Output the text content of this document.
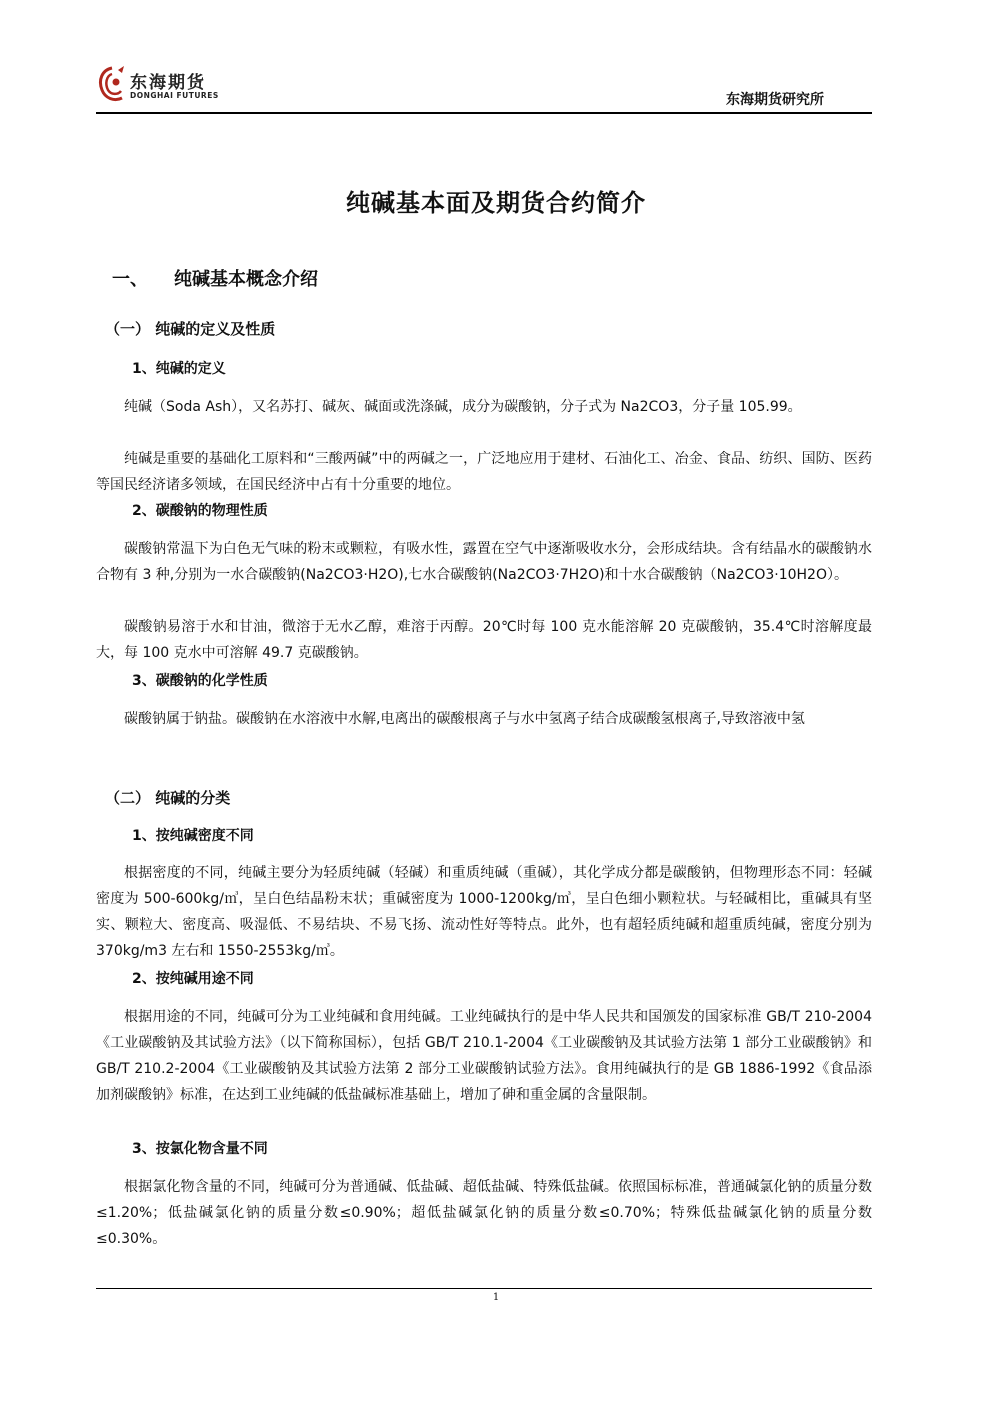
东海期货
DONGHAI FUTURES	东海期货研究所
纯碱基本面及期货合约简介
一、 纯碱基本概念介绍
（一） 纯碱的定义及性质
1、纯碱的定义
纯碱（Soda Ash），又名苏打、碱灰、碱面或洗涤碱，成分为碳酸钠，分子式为 Na2CO3，分子量 105.99。
纯碱是重要的基础化工原料和“三酸两碱”中的两碱之一，广泛地应用于建材、石油化工、冶金、食品、纺织、国防、医药等国民经济诸多领域，在国民经济中占有十分重要的地位。
2、碳酸钠的物理性质
碳酸钠常温下为白色无气味的粉末或颗粒，有吸水性，露置在空气中逐渐吸收水分，会形成结块。含有结晶水的碳酸钠水合物有 3 种,分别为一水合碳酸钠(Na2CO3·H2O),七水合碳酸钠(Na2CO3·7H2O)和十水合碳酸钠（Na2CO3·10H2O）。
碳酸钠易溶于水和甘油，微溶于无水乙醇，难溶于丙醇。20℃时每 100 克水能溶解 20 克碳酸钠，35.4℃时溶解度最大，每 100 克水中可溶解 49.7 克碳酸钠。
3、碳酸钠的化学性质
碳酸钠属于钠盐。碳酸钠在水溶液中水解,电离出的碳酸根离子与水中氢离子结合成碳酸氢根离子,导致溶液中氢
（二） 纯碱的分类
1、按纯碱密度不同
根据密度的不同，纯碱主要分为轻质纯碱（轻碱）和重质纯碱（重碱），其化学成分都是碳酸钠，但物理形态不同：轻碱密度为 500-600kg/㎥，呈白色结晶粉末状；重碱密度为 1000-1200kg/㎥，呈白色细小颗粒状。与轻碱相比，重碱具有坚实、颗粒大、密度高、吸湿低、不易结块、不易飞扬、流动性好等特点。此外，也有超轻质纯碱和超重质纯碱，密度分别为 370kg/m3 左右和 1550-2553kg/㎥。
2、按纯碱用途不同
根据用途的不同，纯碱可分为工业纯碱和食用纯碱。工业纯碱执行的是中华人民共和国颁发的国家标准 GB/T 210-2004《工业碳酸钠及其试验方法》（以下简称国标），包括 GB/T 210.1-2004《工业碳酸钠及其试验方法第 1 部分工业碳酸钠》和 GB/T 210.2-2004《工业碳酸钠及其试验方法第 2 部分工业碳酸钠试验方法》。食用纯碱执行的是 GB 1886-1992《食品添加剂碳酸钠》标准，在达到工业纯碱的低盐碱标准基础上，增加了砷和重金属的含量限制。
3、按氯化物含量不同
根据氯化物含量的不同，纯碱可分为普通碱、低盐碱、超低盐碱、特殊低盐碱。依照国标标准，普通碱氯化钠的质量分数≤1.20%；低盐碱氯化钠的质量分数≤0.90%；超低盐碱氯化钠的质量分数≤0.70%；特殊低盐碱氯化钠的质量分数≤0.30%。
1
